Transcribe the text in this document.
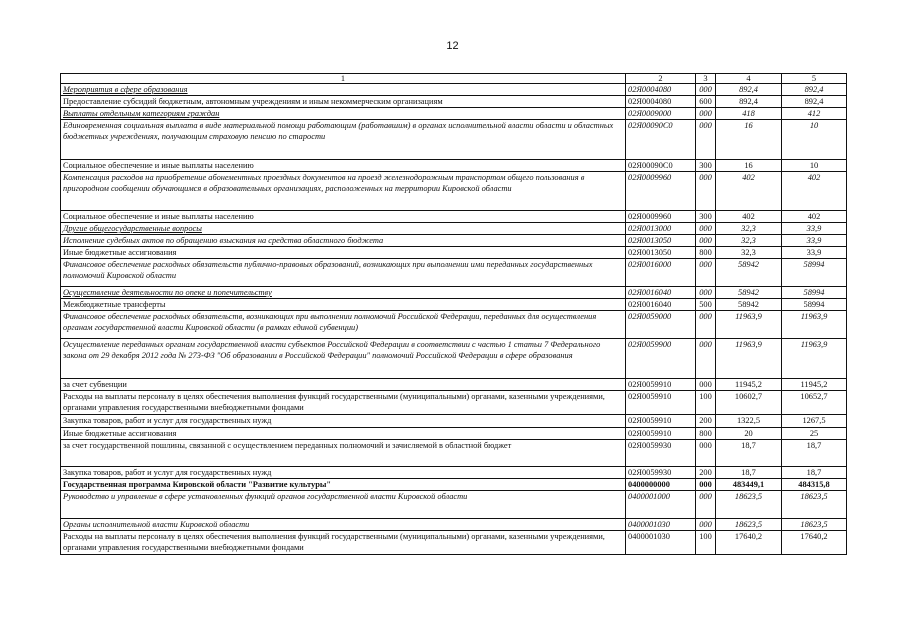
12
1	2	3	4	5
Мероприятия в сфере образования	02Я0004080	000	892,4	892,4
Предоставление субсидий бюджетным, автономным учреждениям и иным некоммерческим организациям	02Я0004080	600	892,4	892,4
Выплаты отдельным категориям граждан	02Я0009000	000	418	412
Единовременная социальная выплата в виде материальной помощи работающим (работавшим) в органах исполнительной власти области и областных бюджетных учреждениях, получающим страховую пенсию по старости	02Я00090С0	000	16	10
Социальное обеспечение и иные выплаты населению	02Я00090С0	300	16	10
Компенсация расходов на приобретение абонементных проездных документов на проезд железнодорожным транспортом общего пользования в пригородном сообщении обучающимся в образовательных организациях, расположенных на территории Кировской области	02Я0009960	000	402	402
Социальное обеспечение и иные выплаты населению	02Я0009960	300	402	402
Другие общегосударственные вопросы	02Я0013000	000	32,3	33,9
Исполнение судебных актов по обращению взыскания на средства областного бюджета	02Я0013050	000	32,3	33,9
Иные бюджетные ассигнования	02Я0013050	800	32,3	33,9
Финансовое обеспечение расходных обязательств публично-правовых образований, возникающих при выполнении ими переданных государственных полномочий Кировской области	02Я0016000	000	58942	58994
Осуществление деятельности по опеке и попечительству	02Я0016040	000	58942	58994
Межбюджетные трансферты	02Я0016040	500	58942	58994
Финансовое обеспечение расходных обязательств, возникающих при выполнении полномочий Российской Федерации, переданных для осуществления органам государственной власти Кировской области (в рамках единой субвенции)	02Я0059000	000	11963,9	11963,9
Осуществление переданных органам государственной власти субъектов Российской Федерации в соответствии с частью 1 статьи 7 Федерального закона от 29 декабря 2012 года № 273-ФЗ "Об образовании в Российской Федерации" полномочий Российской Федерации в сфере образования	02Я0059900	000	11963,9	11963,9
за счет субвенции	02Я0059910	000	11945,2	11945,2
Расходы на выплаты персоналу в целях обеспечения выполнения функций государственными (муниципальными) органами, казенными учреждениями, органами управления государственными внебюджетными фондами	02Я0059910	100	10602,7	10652,7
Закупка товаров, работ и услуг для государственных нужд	02Я0059910	200	1322,5	1267,5
Иные бюджетные ассигнования	02Я0059910	800	20	25
за счет государственной пошлины, связанной с осуществлением переданных полномочий и зачисляемой в областной бюджет	02Я0059930	000	18,7	18,7
Закупка товаров, работ и услуг для государственных нужд	02Я0059930	200	18,7	18,7
Государственная программа Кировской области "Развитие культуры"	0400000000	000	483449,1	484315,8
Руководство и управление в сфере установленных функций органов государственной власти Кировской области	0400001000	000	18623,5	18623,5
Органы исполнительной власти Кировской области	0400001030	000	18623,5	18623,5
Расходы на выплаты персоналу в целях обеспечения выполнения функций государственными (муниципальными) органами, казенными учреждениями, органами управления государственными внебюджетными фондами	0400001030	100	17640,2	17640,2
